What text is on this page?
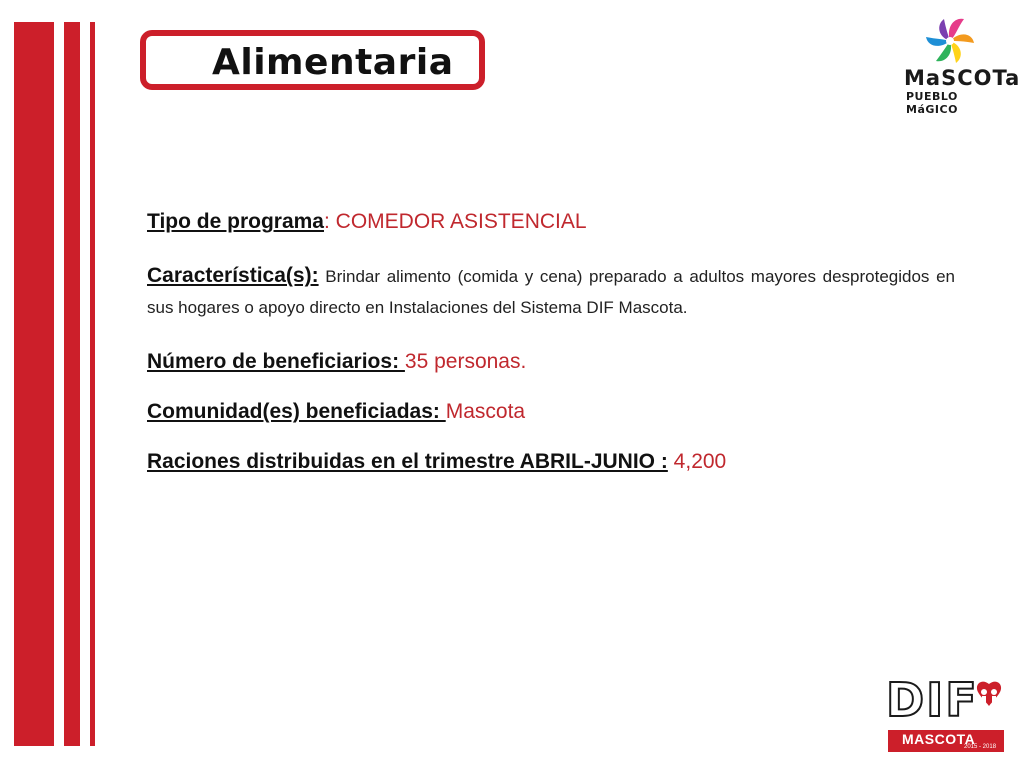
Alimentaria	MaSCOTa
PUEBLO MáGICO

Tipo de programa: COMEDOR ASISTENCIAL

Característica(s): Brindar alimento (comida y cena) preparado a adultos mayores desprotegidos en sus hogares o apoyo directo en Instalaciones del Sistema DIF Mascota.

Número de beneficiarios: 35 personas.

Comunidad(es) beneficiadas: Mascota

Raciones distribuidas en el trimestre ABRIL-JUNIO : 4,200

DIF
MASCOTA
2015 - 2018
